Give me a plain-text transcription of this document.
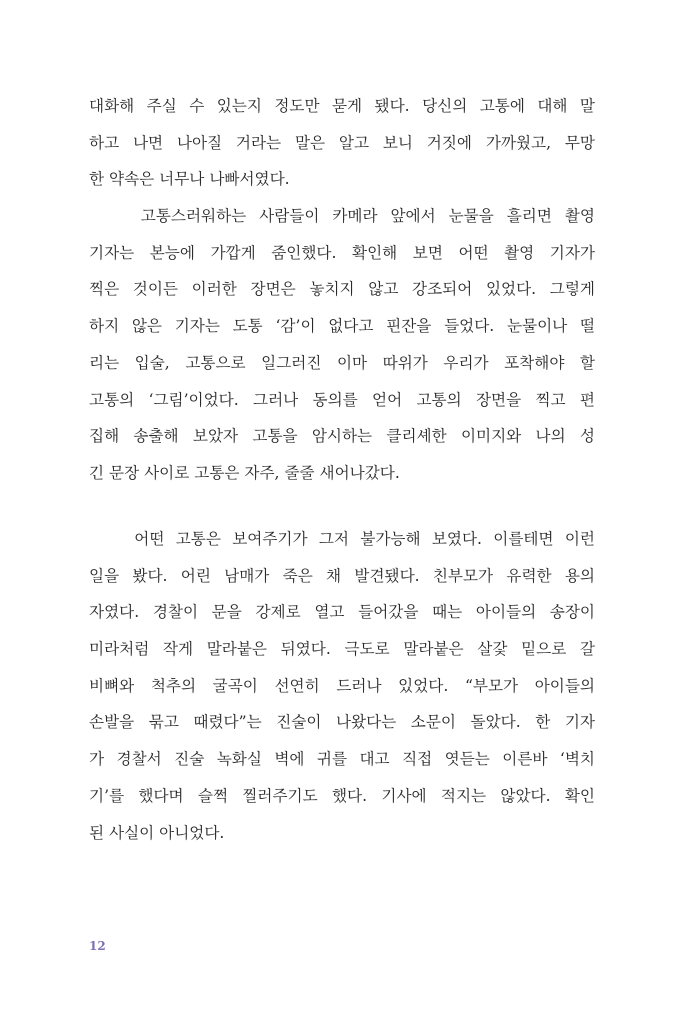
대화해 주실 수 있는지 정도만 묻게 됐다. 당신의 고통에 대해 말
하고 나면 나아질 거라는 말은 알고 보니 거짓에 가까웠고, 무망
한 약속은 너무나 나빠서였다.
고통스러워하는 사람들이 카메라 앞에서 눈물을 흘리면 촬영
기자는 본능에 가깝게 줌인했다. 확인해 보면 어떤 촬영 기자가
찍은 것이든 이러한 장면은 놓치지 않고 강조되어 있었다. 그렇게
하지 않은 기자는 도통 ‘감’이 없다고 핀잔을 들었다. 눈물이나 떨
리는 입술, 고통으로 일그러진 이마 따위가 우리가 포착해야 할
고통의 ‘그림’이었다. 그러나 동의를 얻어 고통의 장면을 찍고 편
집해 송출해 보았자 고통을 암시하는 클리셰한 이미지와 나의 성
긴 문장 사이로 고통은 자주, 줄줄 새어나갔다.
어떤 고통은 보여주기가 그저 불가능해 보였다. 이를테면 이런
일을 봤다. 어린 남매가 죽은 채 발견됐다. 친부모가 유력한 용의
자였다. 경찰이 문을 강제로 열고 들어갔을 때는 아이들의 송장이
미라처럼 작게 말라붙은 뒤였다. 극도로 말라붙은 살갗 밑으로 갈
비뼈와 척추의 굴곡이 선연히 드러나 있었다. “부모가 아이들의
손발을 묶고 때렸다”는 진술이 나왔다는 소문이 돌았다. 한 기자
가 경찰서 진술 녹화실 벽에 귀를 대고 직접 엿듣는 이른바 ‘벽치
기’를 했다며 슬쩍 찔러주기도 했다. 기사에 적지는 않았다. 확인
된 사실이 아니었다.
12
